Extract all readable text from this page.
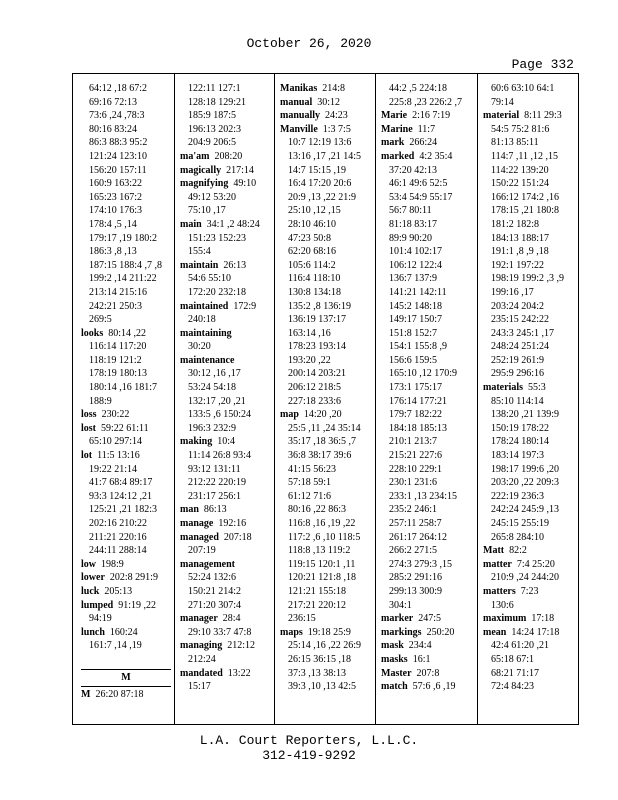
October 26, 2020
Page 332
64:12 ,18 67:2
69:16 72:13
73:6 ,24 ,78:3
80:16 83:24
86:3 88:3 95:2
121:24 123:10
156:20 157:11
160:9 163:22
165:23 167:2
174:10 176:3
178:4 ,5 ,14
179:17 ,19 180:2
186:3 ,8 ,13
187:15 188:4 ,7 ,8
199:2 ,14 211:22
213:14 215:16
242:21 250:3
269:5
looks  80:14 ,22
116:14 117:20
118:19 121:2
178:19 180:13
180:14 ,16 181:7
188:9
loss  230:22
lost  59:22 61:11
65:10 297:14
lot  11:5 13:16
19:22 21:14
41:7 68:4 89:17
93:3 124:12 ,21
125:21 ,21 182:3
202:16 210:22
211:21 220:16
244:11 288:14
low  198:9
lower  202:8 291:9
luck  205:13
lumped  91:19 ,22
94:19
lunch  160:24
161:7 ,14 ,19
M
M  26:20 87:18
122:11 127:1
128:18 129:21
185:9 187:5
196:13 202:3
204:9 206:5
ma'am  208:20
magically  217:14
magnifying  49:10
49:12 53:20
75:10 ,17
main  34:1 ,2 48:24
151:23 152:23
155:4
maintain  26:13
54:6 55:10
172:20 232:18
maintained  172:9
240:18
maintaining
30:20
maintenance
30:12 ,16 ,17
53:24 54:18
132:17 ,20 ,21
133:5 ,6 150:24
196:3 232:9
making  10:4
11:14 26:8 93:4
93:12 131:11
212:22 220:19
231:17 256:1
man  86:13
manage  192:16
managed  207:18
207:19
management
52:24 132:6
150:21 214:2
271:20 307:4
manager  28:4
29:10 33:7 47:8
managing  212:12
212:24
mandated  13:22
15:17
Manikas  214:8
manual  30:12
manually  24:23
Manville  1:3 7:5
10:7 12:19 13:6
13:16 ,17 ,21 14:5
14:7 15:15 ,19
16:4 17:20 20:6
20:9 ,13 ,22 21:9
25:10 ,12 ,15
28:10 46:10
47:23 50:8
62:20 68:16
105:6 114:2
116:4 118:10
130:8 134:18
135:2 ,8 136:19
136:19 137:17
163:14 ,16
178:23 193:14
193:20 ,22
200:14 203:21
206:12 218:5
227:18 233:6
map  14:20 ,20
25:5 ,11 ,24 35:14
35:17 ,18 36:5 ,7
36:8 38:17 39:6
41:15 56:23
57:18 59:1
61:12 71:6
80:16 ,22 86:3
116:8 ,16 ,19 ,22
117:2 ,6 ,10 118:5
118:8 ,13 119:2
119:15 120:1 ,11
120:21 121:8 ,18
121:21 155:18
217:21 220:12
236:15
maps  19:18 25:9
25:14 ,16 ,22 26:9
26:15 36:15 ,18
37:3 ,13 38:13
39:3 ,10 ,13 42:5
44:2 ,5 224:18
225:8 ,23 226:2 ,7
Marie  2:16 7:19
Marine  11:7
mark  266:24
marked  4:2 35:4
37:20 42:13
46:1 49:6 52:5
53:4 54:9 55:17
56:7 80:11
81:18 83:17
89:9 90:20
101:4 102:17
106:12 122:4
136:7 137:9
141:21 142:11
145:2 148:18
149:17 150:7
151:8 152:7
154:1 155:8 ,9
156:6 159:5
165:10 ,12 170:9
173:1 175:17
176:14 177:21
179:7 182:22
184:18 185:13
210:1 213:7
215:21 227:6
228:10 229:1
230:1 231:6
233:1 ,13 234:15
235:2 246:1
257:11 258:7
261:17 264:12
266:2 271:5
274:3 279:3 ,15
285:2 291:16
299:13 300:9
304:1
marker  247:5
markings  250:20
mask  234:4
masks  16:1
Master  207:8
match  57:6 ,6 ,19
60:6 63:10 64:1
79:14
material  8:11 29:3
54:5 75:2 81:6
81:13 85:11
114:7 ,11 ,12 ,15
114:22 139:20
150:22 151:24
166:12 174:2 ,16
178:15 ,21 180:8
181:2 182:8
184:13 188:17
191:1 ,8 ,9 ,18
192:1 197:22
198:19 199:2 ,3 ,9
199:16 ,17
203:24 204:2
235:15 242:22
243:3 245:1 ,17
248:24 251:24
252:19 261:9
295:9 296:16
materials  55:3
85:10 114:14
138:20 ,21 139:9
150:19 178:22
178:24 180:14
183:14 197:3
198:17 199:6 ,20
203:20 ,22 209:3
222:19 236:3
242:24 245:9 ,13
245:15 255:19
265:8 284:10
Matt  82:2
matter  7:4 25:20
210:9 ,24 244:20
matters  7:23
130:6
maximum  17:18
mean  14:24 17:18
42:4 61:20 ,21
65:18 67:1
68:21 71:17
72:4 84:23
L.A. Court Reporters, L.L.C.
312-419-9292
